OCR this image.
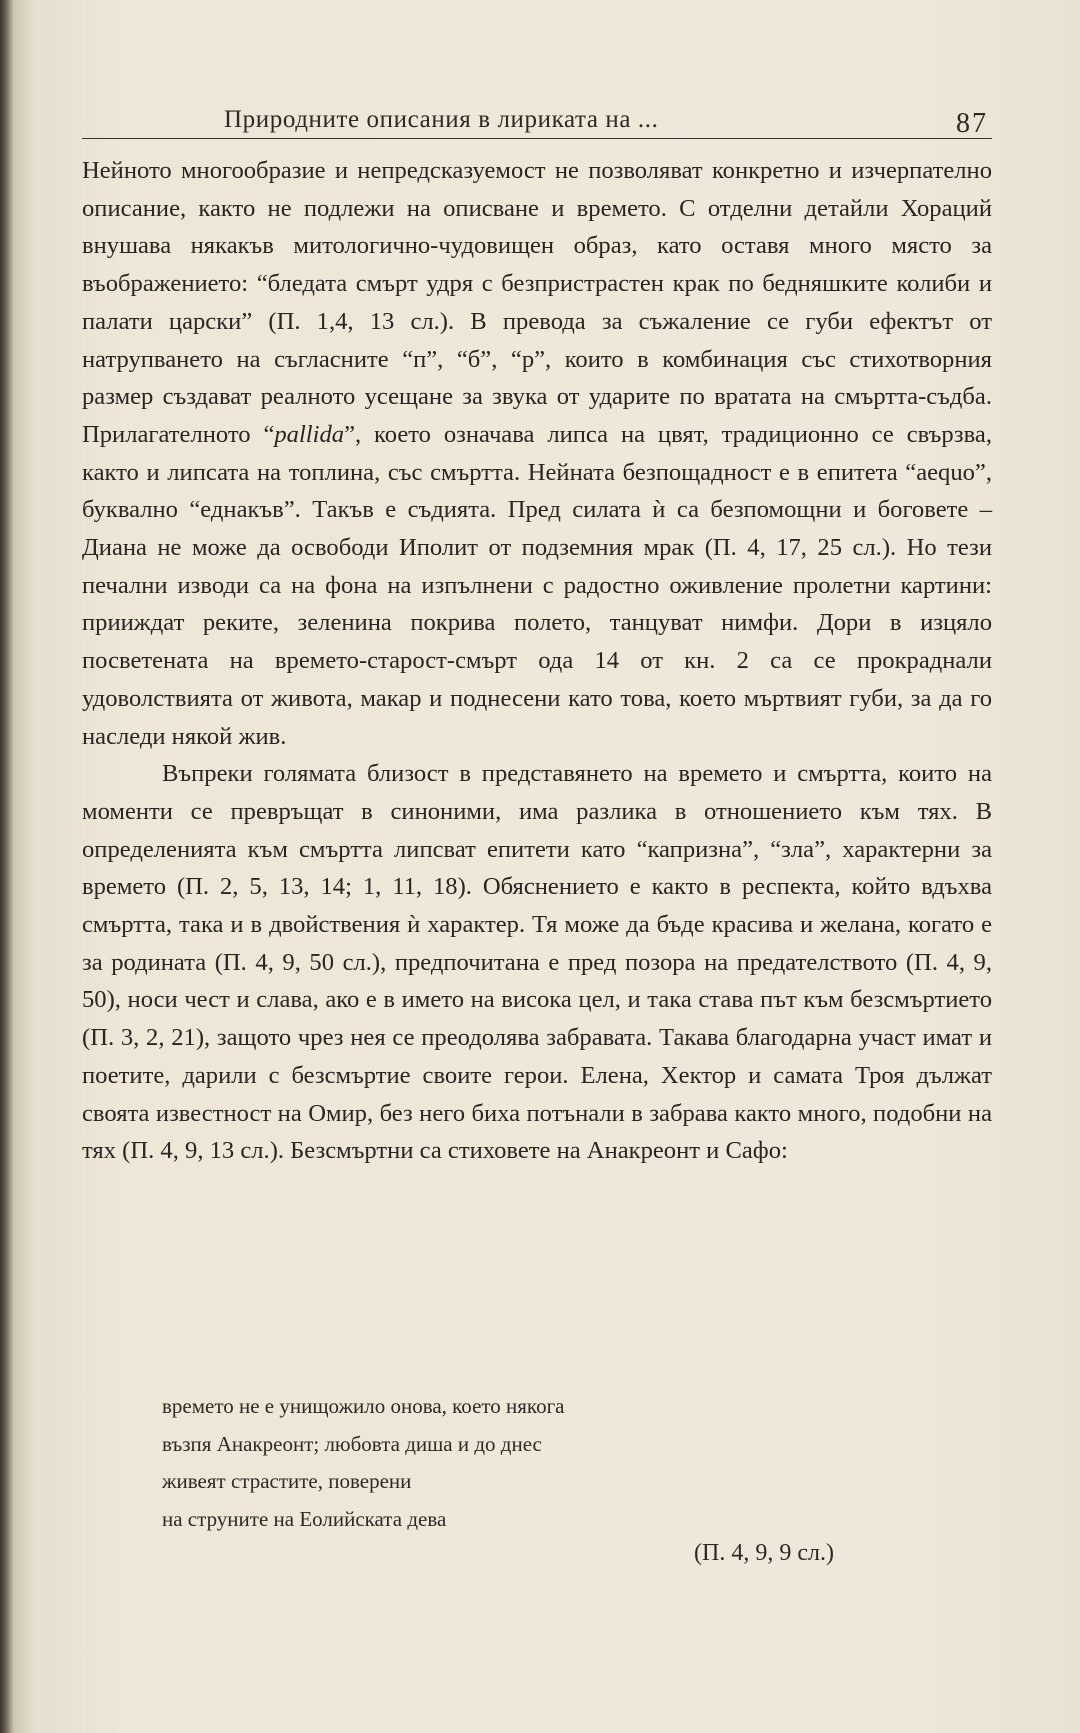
Природните описания в лириката на ...	87

Нейното многообразие и непредсказуемост не позволяват конкретно и изчерпателно описание, както не подлежи на описване и времето. С отделни детайли Хораций внушава някакъв митологично-чудовищен образ, като оставя много място за въображението: “бледата смърт удря с безпристрастен крак по бедняшките колиби и палати царски” (П. 1,4, 13 сл.). В превода за съжаление се губи ефектът от натрупването на съгласните “п”, “б”, “р”, които в комбинация със стихотворния размер създават реалното усещане за звука от ударите по вратата на смъртта-съдба. Прилагателното “pallida”, което означава липса на цвят, традиционно се свързва, както и липсата на топлина, със смъртта. Нейната безпощадност е в епитета “aequo”, буквално “еднакъв”. Такъв е съдията. Пред силата ѝ са безпомощни и боговете – Диана не може да освободи Иполит от подземния мрак (П. 4, 17, 25 сл.). Но тези печални изводи са на фона на изпълнени с радостно оживление пролетни картини: прииждат реките, зеленина покрива полето, танцуват нимфи. Дори в изцяло посветената на времето-старост-смърт ода 14 от кн. 2 са се прокраднали удоволствията от живота, макар и поднесени като това, което мъртвият губи, за да го наследи някой жив.

Въпреки голямата близост в представянето на времето и смъртта, които на моменти се превръщат в синоними, има разлика в отношението към тях. В определенията към смъртта липсват епитети като “капризна”, “зла”, характерни за времето (П. 2, 5, 13, 14; 1, 11, 18). Обяснението е както в респекта, който вдъхва смъртта, така и в двойствения ѝ характер. Тя може да бъде красива и желана, когато е за родината (П. 4, 9, 50 сл.), предпочитана е пред позора на предателството (П. 4, 9, 50), носи чест и слава, ако е в името на висока цел, и така става път към безсмъртието (П. 3, 2, 21), защото чрез нея се преодолява забравата. Такава благодарна участ имат и поетите, дарили с безсмъртие своите герои. Елена, Хектор и самата Троя дължат своята известност на Омир, без него биха потънали в забрава както много, подобни на тях (П. 4, 9, 13 сл.). Безсмъртни са стиховете на Анакреонт и Сафо:

времето не е унищожило онова, което някога
възпя Анакреонт; любовта диша и до днес
живеят страстите, поверени
на струните на Еолийската дева
(П. 4, 9, 9 сл.)
